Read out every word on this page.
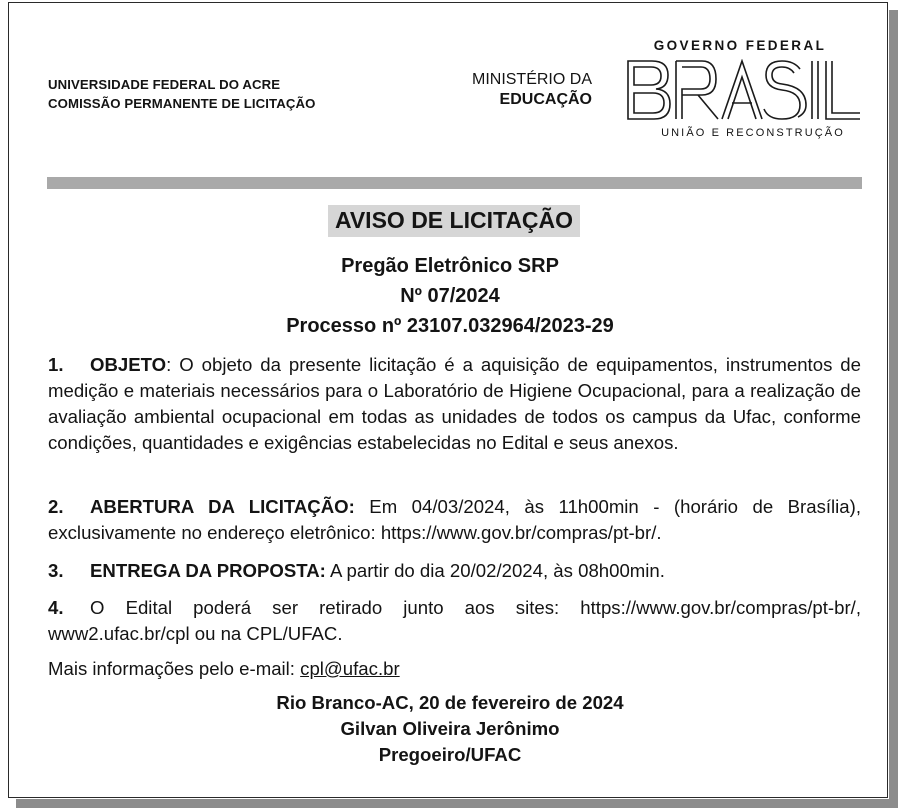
UNIVERSIDADE FEDERAL DO ACRE
COMISSÃO PERMANENTE DE LICITAÇÃO
MINISTÉRIO DA
EDUCAÇÃO
GOVERNO FEDERAL
UNIÃO E RECONSTRUÇÃO
AVISO DE LICITAÇÃO
Pregão Eletrônico SRP
Nº 07/2024
Processo nº 23107.032964/2023-29
1. OBJETO: O objeto da presente licitação é a aquisição de equipamentos, instrumentos de medição e materiais necessários para o Laboratório de Higiene Ocupacional, para a realização de avaliação ambiental ocupacional em todas as unidades de todos os campus da Ufac, conforme condições, quantidades e exigências estabelecidas no Edital e seus anexos.
2. ABERTURA DA LICITAÇÃO: Em 04/03/2024, às 11h00min - (horário de Brasília), exclusivamente no endereço eletrônico: https://www.gov.br/compras/pt-br/.
3. ENTREGA DA PROPOSTA: A partir do dia 20/02/2024, às 08h00min.
4. O Edital poderá ser retirado junto aos sites: https://www.gov.br/compras/pt-br/, www2.ufac.br/cpl ou na CPL/UFAC.
Mais informações pelo e-mail: cpl@ufac.br
Rio Branco-AC, 20 de fevereiro de 2024
Gilvan Oliveira Jerônimo
Pregoeiro/UFAC
